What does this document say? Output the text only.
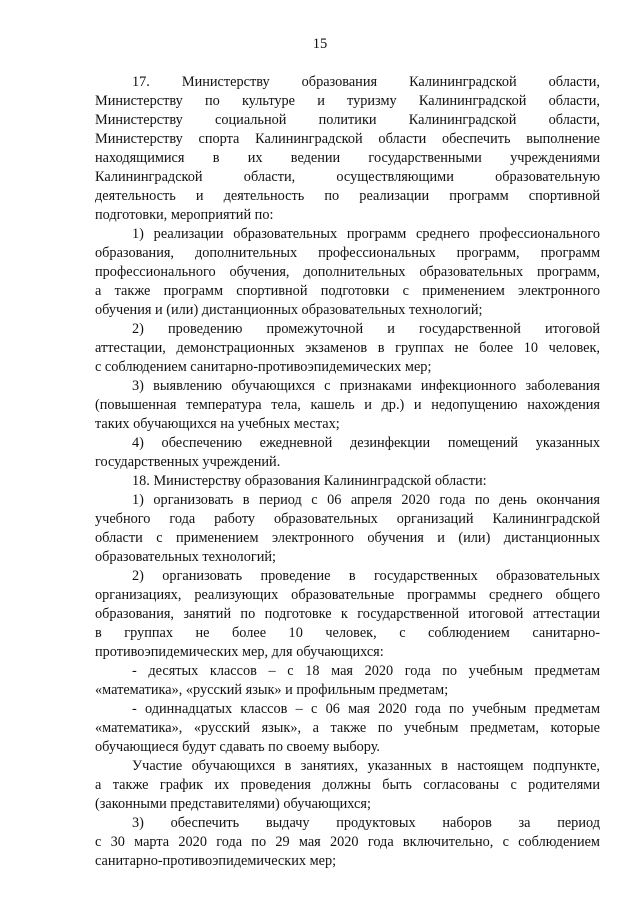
15
17. Министерству образования Калининградской области,
Министерству по культуре и туризму Калининградской области,
Министерству социальной политики Калининградской области,
Министерству спорта Калининградской области обеспечить выполнение
находящимися в их ведении государственными учреждениями
Калининградской области, осуществляющими образовательную
деятельность и деятельность по реализации программ спортивной
подготовки, мероприятий по:
1) реализации образовательных программ среднего профессионального
образования, дополнительных профессиональных программ, программ
профессионального обучения, дополнительных образовательных программ,
а также программ спортивной подготовки с применением электронного
обучения и (или) дистанционных образовательных технологий;
2) проведению промежуточной и государственной итоговой
аттестации, демонстрационных экзаменов в группах не более 10 человек,
с соблюдением санитарно-противоэпидемических мер;
3) выявлению обучающихся с признаками инфекционного заболевания
(повышенная температура тела, кашель и др.) и недопущению нахождения
таких обучающихся на учебных местах;
4) обеспечению ежедневной дезинфекции помещений указанных
государственных учреждений.
18. Министерству образования Калининградской области:
1) организовать в период с 06 апреля 2020 года по день окончания
учебного года работу образовательных организаций Калининградской
области с применением электронного обучения и (или) дистанционных
образовательных технологий;
2) организовать проведение в государственных образовательных
организациях, реализующих образовательные программы среднего общего
образования, занятий по подготовке к государственной итоговой аттестации
в группах не более 10 человек, с соблюдением санитарно-
противоэпидемических мер, для обучающихся:
- десятых классов – с 18 мая 2020 года по учебным предметам
«математика», «русский язык» и профильным предметам;
- одиннадцатых классов – с 06 мая 2020 года по учебным предметам
«математика», «русский язык», а также по учебным предметам, которые
обучающиеся будут сдавать по своему выбору.
Участие обучающихся в занятиях, указанных в настоящем подпункте,
а также график их проведения должны быть согласованы с родителями
(законными представителями) обучающихся;
3) обеспечить выдачу продуктовых наборов за период
с 30 марта 2020 года по 29 мая 2020 года включительно, с соблюдением
санитарно-противоэпидемических мер;
